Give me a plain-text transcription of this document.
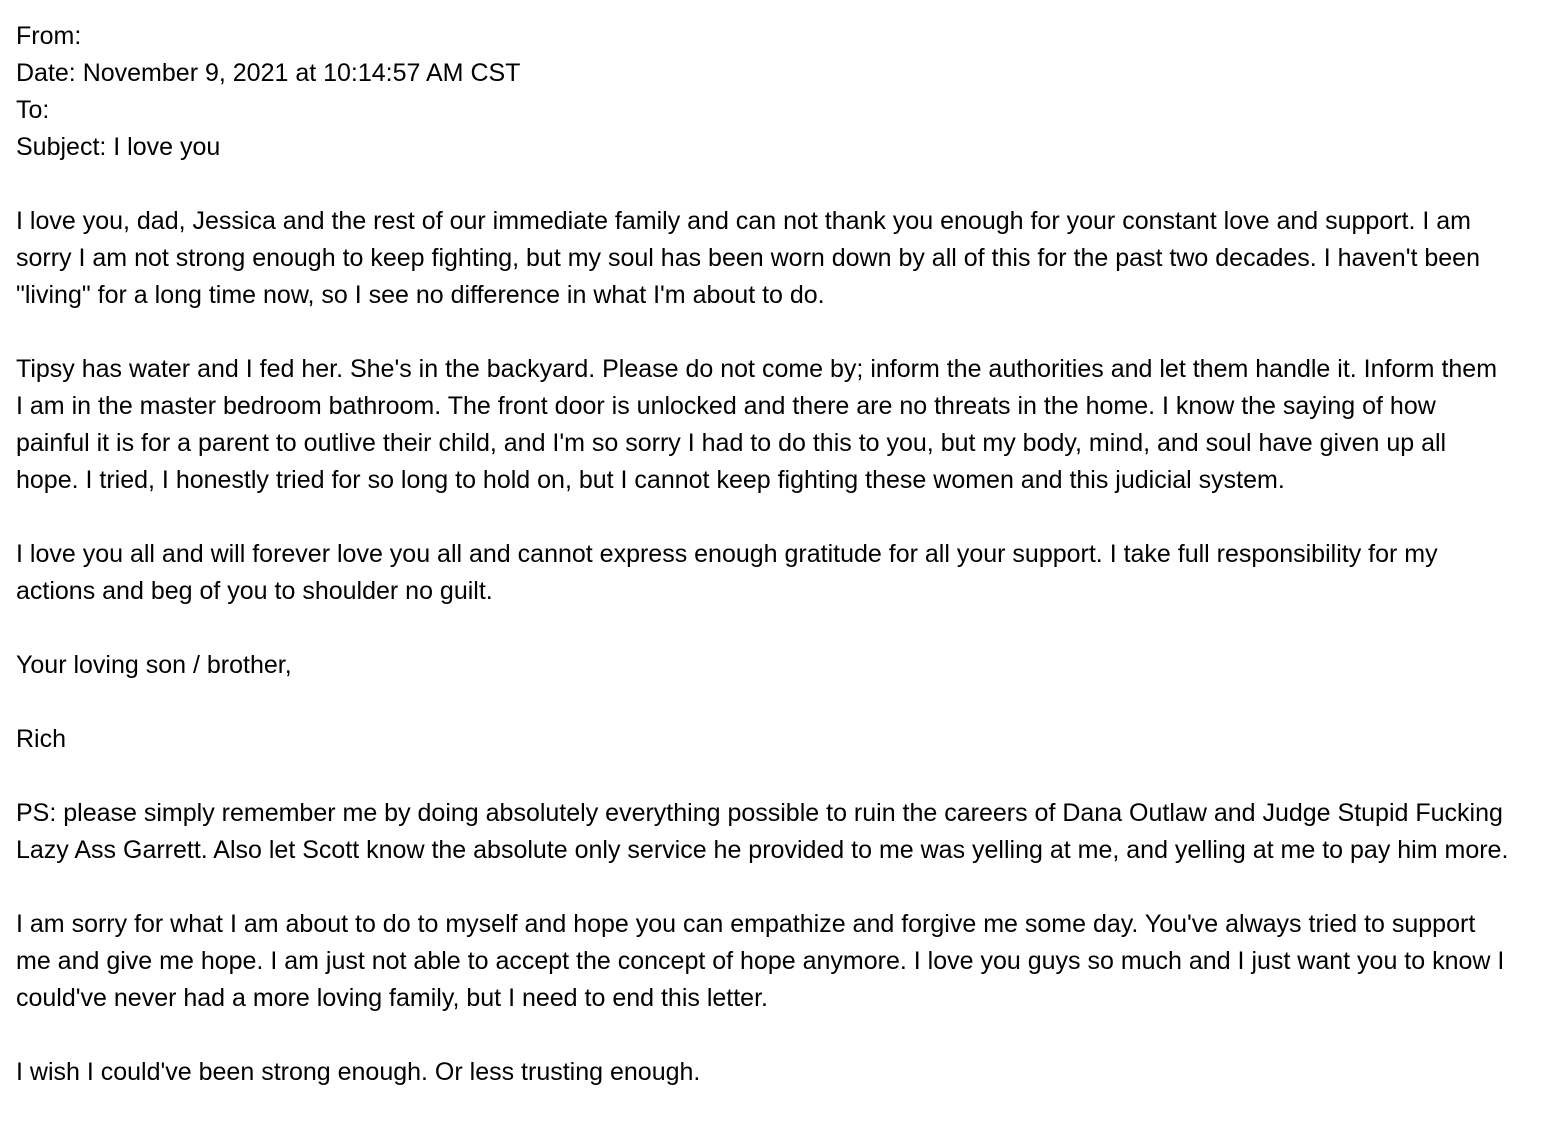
From:

Date: November 9, 2021 at 10:14:57 AM CST

To:

Subject: I love you

I love you, dad, Jessica and the rest of our immediate family and can not thank you enough for your constant love and support. I am sorry I am not strong enough to keep fighting, but my soul has been worn down by all of this for the past two decades. I haven't been "living" for a long time now, so I see no difference in what I'm about to do.

Tipsy has water and I fed her. She's in the backyard. Please do not come by; inform the authorities and let them handle it. Inform them I am in the master bedroom bathroom. The front door is unlocked and there are no threats in the home. I know the saying of how painful it is for a parent to outlive their child, and I'm so sorry I had to do this to you, but my body, mind, and soul have given up all hope. I tried, I honestly tried for so long to hold on, but I cannot keep fighting these women and this judicial system.

I love you all and will forever love you all and cannot express enough gratitude for all your support. I take full responsibility for my actions and beg of you to shoulder no guilt.

Your loving son / brother,

Rich

PS: please simply remember me by doing absolutely everything possible to ruin the careers of Dana Outlaw and Judge Stupid Fucking Lazy Ass Garrett. Also let Scott know the absolute only service he provided to me was yelling at me, and yelling at me to pay him more.

I am sorry for what I am about to do to myself and hope you can empathize and forgive me some day. You've always tried to support me and give me hope. I am just not able to accept the concept of hope anymore. I love you guys so much and I just want you to know I could've never had a more loving family, but I need to end this letter.

I wish I could've been strong enough. Or less trusting enough.
